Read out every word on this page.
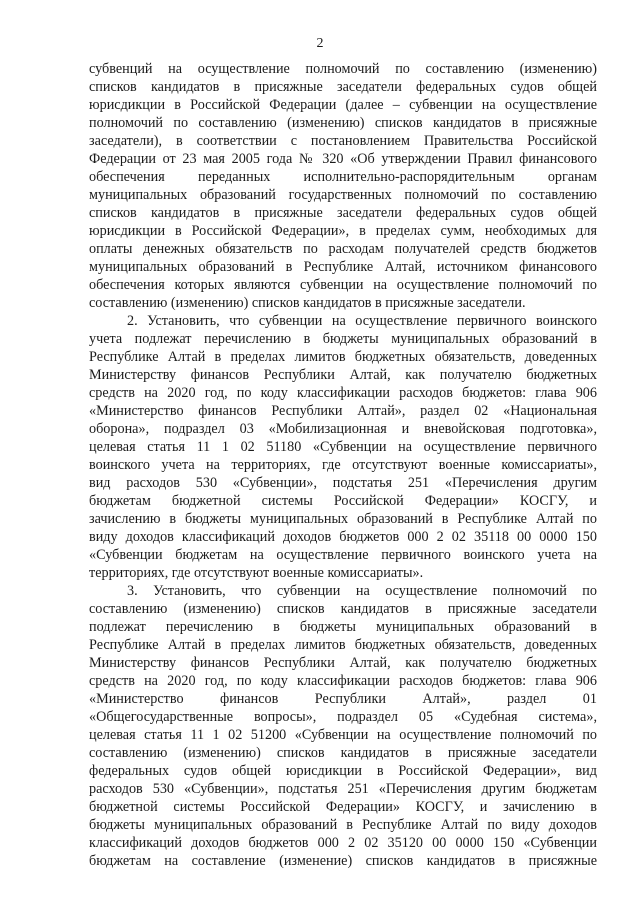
2
субвенций на осуществление полномочий по составлению (изменению)
списков кандидатов в присяжные заседатели федеральных судов общей
юрисдикции в Российской Федерации (далее – субвенции на осуществление
полномочий по составлению (изменению) списков кандидатов в присяжные
заседатели), в соответствии с постановлением Правительства Российской
Федерации от 23 мая 2005 года № 320 «Об утверждении Правил финансового
обеспечения переданных исполнительно-распорядительным органам
муниципальных образований государственных полномочий по составлению
списков кандидатов в присяжные заседатели федеральных судов общей
юрисдикции в Российской Федерации», в пределах сумм, необходимых для
оплаты денежных обязательств по расходам получателей средств бюджетов
муниципальных образований в Республике Алтай, источником финансового
обеспечения которых являются субвенции на осуществление полномочий по
составлению (изменению) списков кандидатов в присяжные заседатели.
2. Установить, что субвенции на осуществление первичного воинского
учета подлежат перечислению в бюджеты муниципальных образований в
Республике Алтай в пределах лимитов бюджетных обязательств, доведенных
Министерству финансов Республики Алтай, как получателю бюджетных
средств на 2020 год, по коду классификации расходов бюджетов: глава 906
«Министерство финансов Республики Алтай», раздел 02 «Национальная
оборона», подраздел 03 «Мобилизационная и вневойсковая подготовка»,
целевая статья 11 1 02 51180 «Субвенции на осуществление первичного
воинского учета на территориях, где отсутствуют военные комиссариаты»,
вид расходов 530 «Субвенции», подстатья 251 «Перечисления другим
бюджетам бюджетной системы Российской Федерации» КОСГУ, и
зачислению в бюджеты муниципальных образований в Республике Алтай по
виду доходов классификаций доходов бюджетов 000 2 02 35118 00 0000 150
«Субвенции бюджетам на осуществление первичного воинского учета на
территориях, где отсутствуют военные комиссариаты».
3. Установить, что субвенции на осуществление полномочий по
составлению (изменению) списков кандидатов в присяжные заседатели
подлежат перечислению в бюджеты муниципальных образований в
Республике Алтай в пределах лимитов бюджетных обязательств, доведенных
Министерству финансов Республики Алтай, как получателю бюджетных
средств на 2020 год, по коду классификации расходов бюджетов: глава 906
«Министерство финансов Республики Алтай», раздел 01
«Общегосударственные вопросы», подраздел 05 «Судебная система»,
целевая статья 11 1 02 51200 «Субвенции на осуществление полномочий по
составлению (изменению) списков кандидатов в присяжные заседатели
федеральных судов общей юрисдикции в Российской Федерации», вид
расходов 530 «Субвенции», подстатья 251 «Перечисления другим бюджетам
бюджетной системы Российской Федерации» КОСГУ, и зачислению в
бюджеты муниципальных образований в Республике Алтай по виду доходов
классификаций доходов бюджетов 000 2 02 35120 00 0000 150 «Субвенции
бюджетам на составление (изменение) списков кандидатов в присяжные
